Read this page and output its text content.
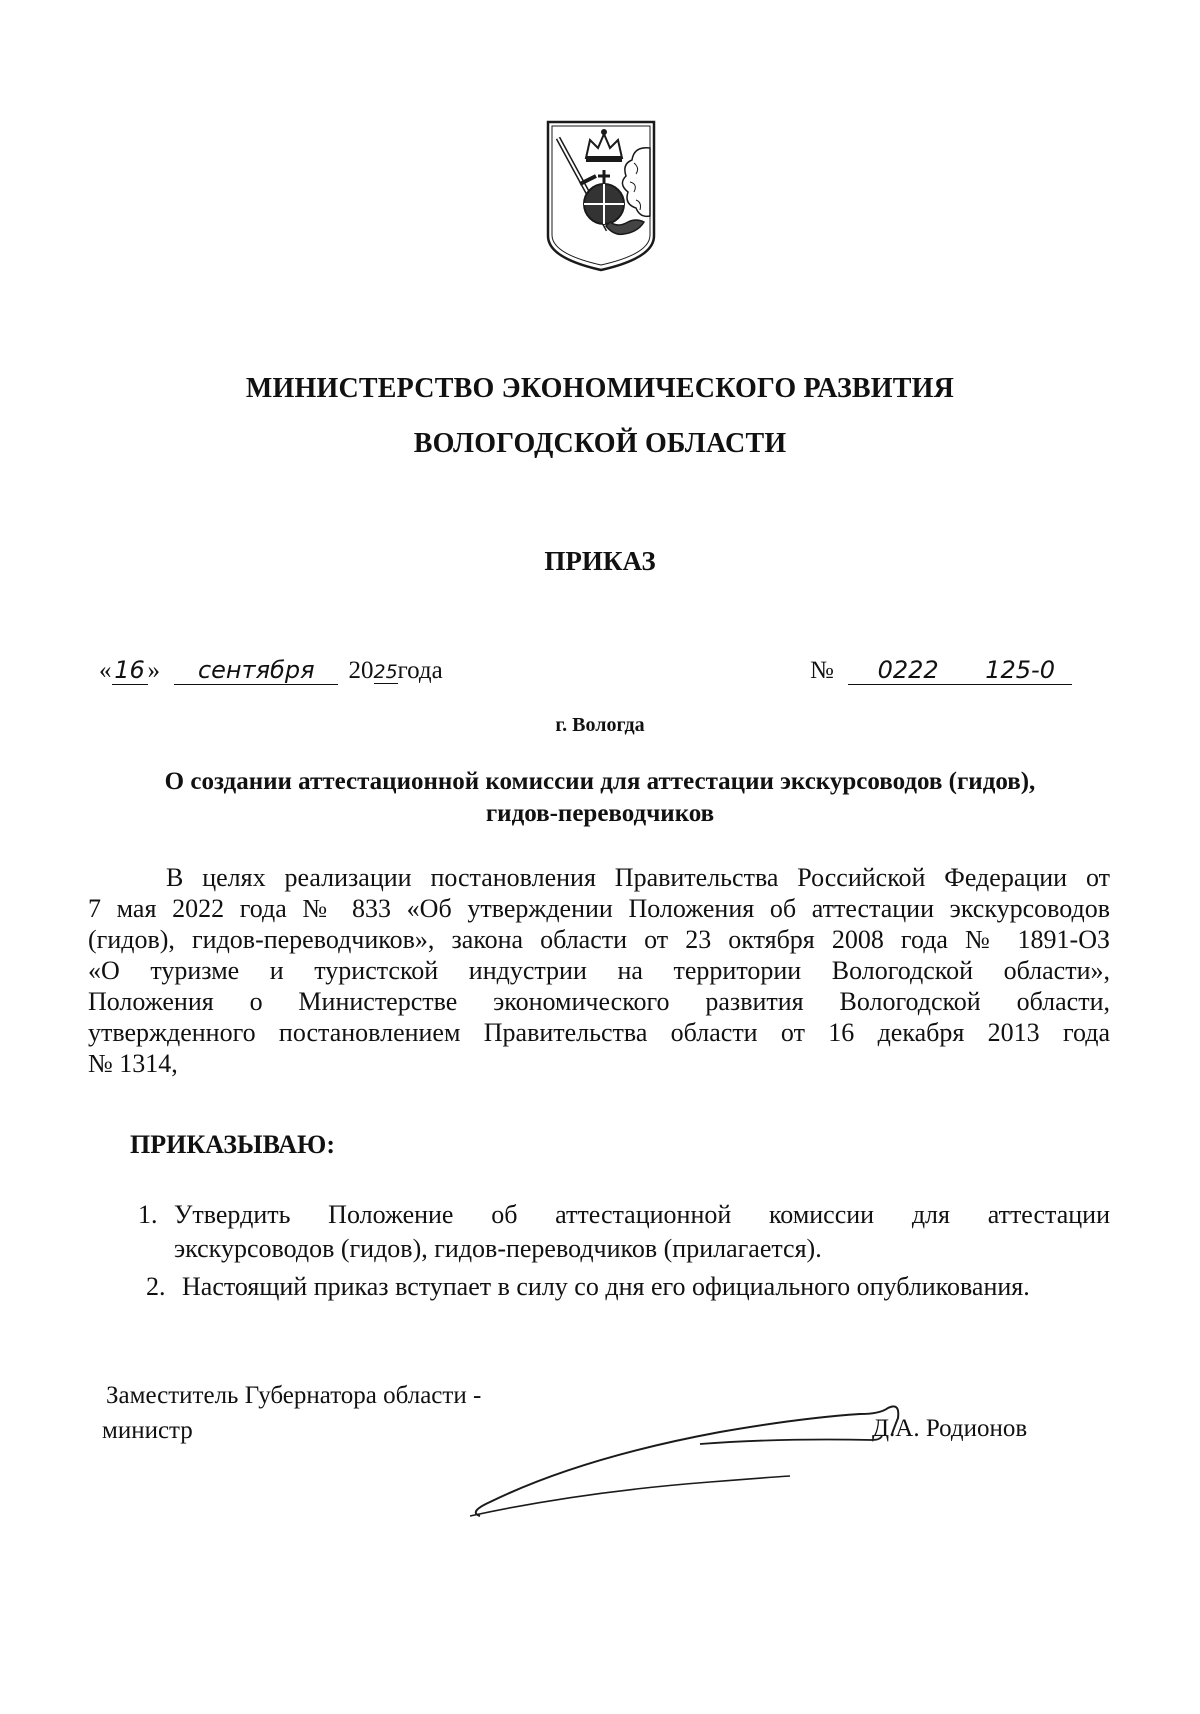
МИНИСТЕРСТВО ЭКОНОМИЧЕСКОГО РАЗВИТИЯ
ВОЛОГОДСКОЙ ОБЛАСТИ
ПРИКАЗ
« 16 » сентября 2025года	№ 0222 125-0
г. Вологда
О создании аттестационной комиссии для аттестации экскурсоводов (гидов),
гидов-переводчиков
В целях реализации постановления Правительства Российской Федерации от
7 мая 2022 года № 833 «Об утверждении Положения об аттестации экскурсоводов
(гидов), гидов-переводчиков», закона области от 23 октября 2008 года № 1891-ОЗ
«О туризме и туристской индустрии на территории Вологодской области»,
Положения о Министерстве экономического развития Вологодской области,
утвержденного постановлением Правительства области от 16 декабря 2013 года
№ 1314,
ПРИКАЗЫВАЮ:
1. Утвердить Положение об аттестационной комиссии для аттестации
экскурсоводов (гидов), гидов-переводчиков (прилагается).
2. Настоящий приказ вступает в силу со дня его официального опубликования.
Заместитель Губернатора области -
министр	Д.А. Родионов
